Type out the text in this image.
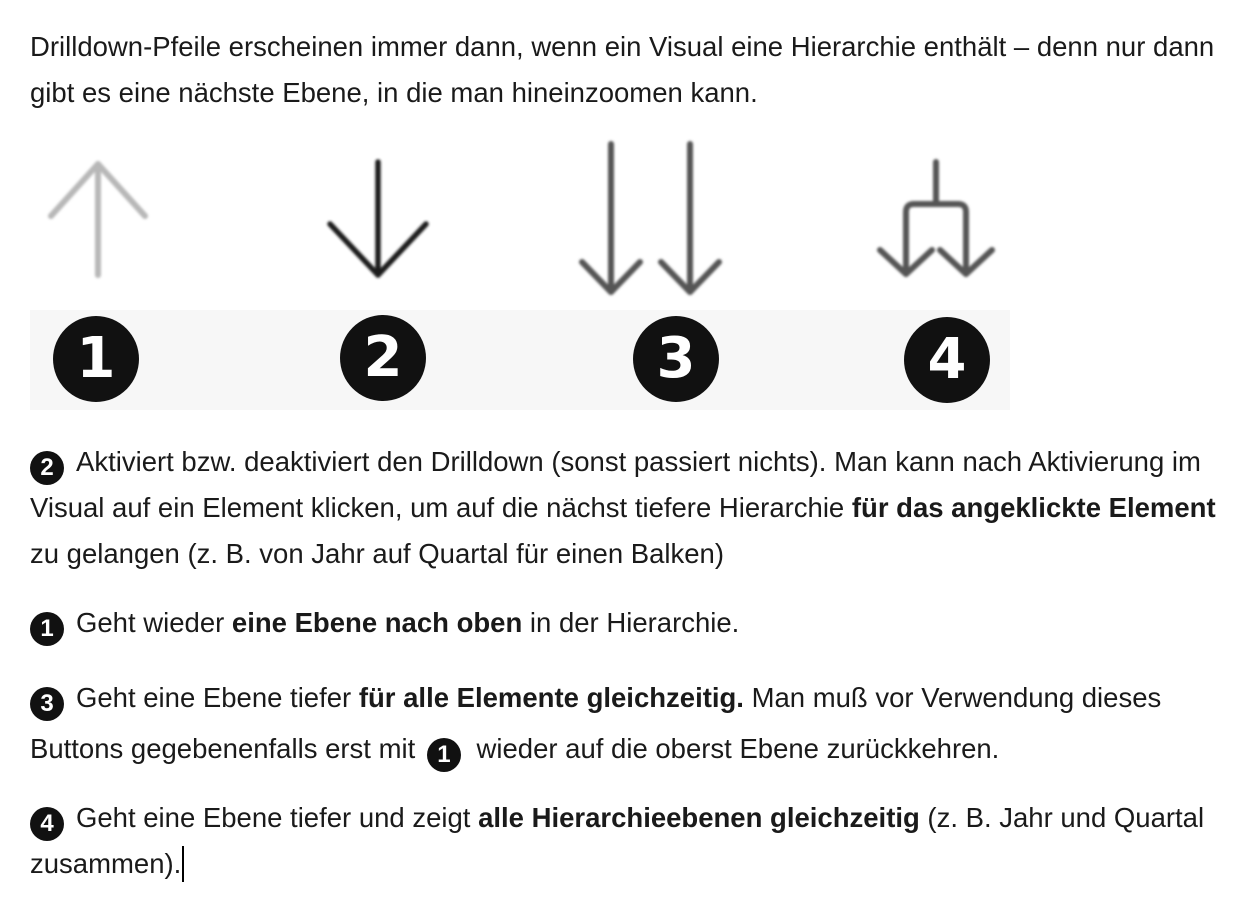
Drilldown-Pfeile erscheinen immer dann, wenn ein Visual eine Hierarchie enthält – denn nur dann gibt es eine nächste Ebene, in die man hineinzoomen kann.
1	2	3	4
2 Aktiviert bzw. deaktiviert den Drilldown (sonst passiert nichts). Man kann nach Aktivierung im Visual auf ein Element klicken, um auf die nächst tiefere Hierarchie für das angeklickte Element zu gelangen (z. B. von Jahr auf Quartal für einen Balken)
1 Geht wieder eine Ebene nach oben in der Hierarchie.
3 Geht eine Ebene tiefer für alle Elemente gleichzeitig. Man muß vor Verwendung dieses Buttons gegebenenfalls erst mit 1 wieder auf die oberst Ebene zurückkehren.
4 Geht eine Ebene tiefer und zeigt alle Hierarchieebenen gleichzeitig (z. B. Jahr und Quartal zusammen).
